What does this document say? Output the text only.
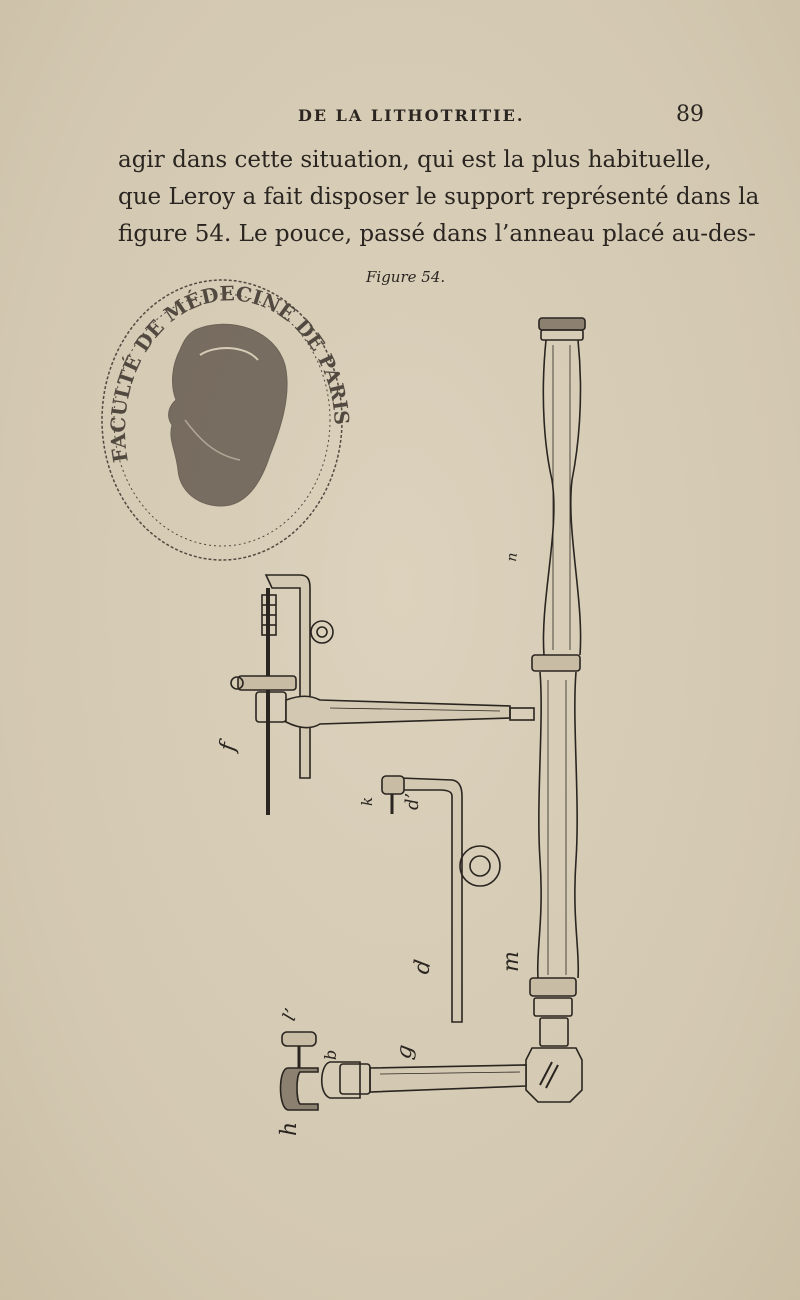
DE LA LITHOTRITIE.	89
agir dans cette situation, qui est la plus habituelle,
que Leroy a fait disposer le support représenté dans la
figure 54. Le pouce, passé dans l’anneau placé au-des-
FACULTÉ DE MÉDECINE DE PARIS
f
n
m
k d’
d
l’
b g
h
Figure 54.
